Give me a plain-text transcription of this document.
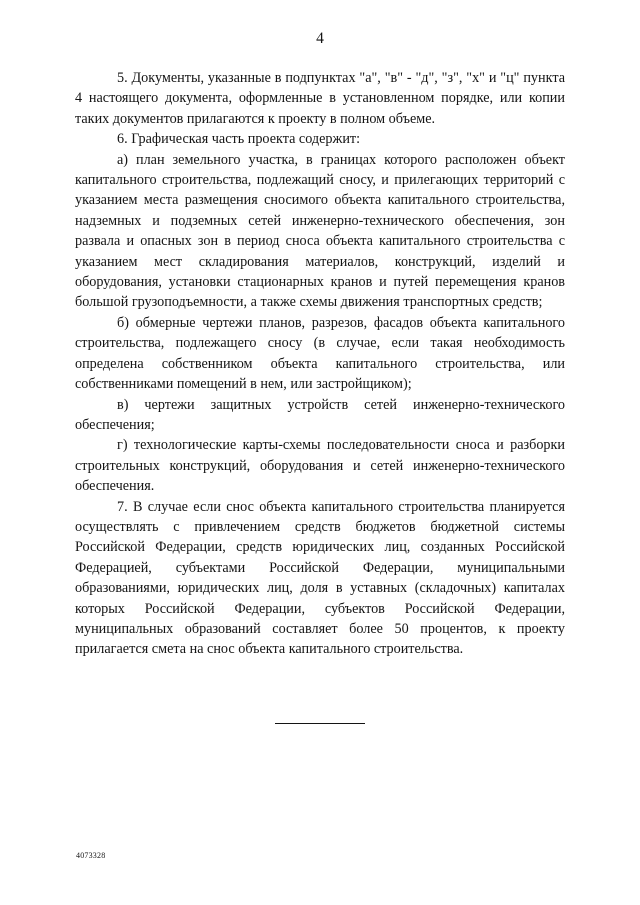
4

5. Документы, указанные в подпунктах "а", "в" - "д", "з", "х" и "ц" пункта 4 настоящего документа, оформленные в установленном порядке, или копии таких документов прилагаются к проекту в полном объеме.

6. Графическая часть проекта содержит:

а) план земельного участка, в границах которого расположен объект капитального строительства, подлежащий сносу, и прилегающих территорий с указанием места размещения сносимого объекта капитального строительства, надземных и подземных сетей инженерно-технического обеспечения, зон развала и опасных зон в период сноса объекта капитального строительства с указанием мест складирования материалов, конструкций, изделий и оборудования, установки стационарных кранов и путей перемещения кранов большой грузоподъемности, а также схемы движения транспортных средств;

б) обмерные чертежи планов, разрезов, фасадов объекта капитального строительства, подлежащего сносу (в случае, если такая необходимость определена собственником объекта капитального строительства, или собственниками помещений в нем, или застройщиком);

в) чертежи защитных устройств сетей инженерно-технического обеспечения;

г) технологические карты-схемы последовательности сноса и разборки строительных конструкций, оборудования и сетей инженерно-технического обеспечения.

7. В случае если снос объекта капитального строительства планируется осуществлять с привлечением средств бюджетов бюджетной системы Российской Федерации, средств юридических лиц, созданных Российской Федерацией, субъектами Российской Федерации, муниципальными образованиями, юридических лиц, доля в уставных (складочных) капиталах которых Российской Федерации, субъектов Российской Федерации, муниципальных образований составляет более 50 процентов, к проекту прилагается смета на снос объекта капитального строительства.

4073328
